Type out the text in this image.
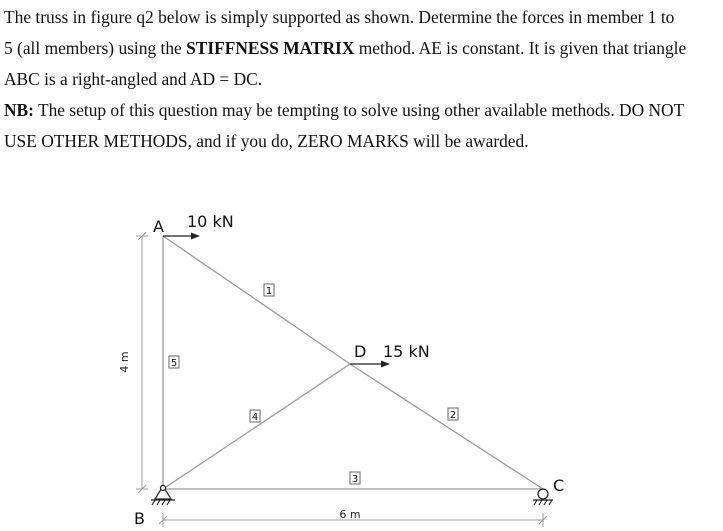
The truss in figure q2 below is simply supported as shown. Determine the forces in member 1 to
5 (all members) using the STIFFNESS MATRIX method. AE is constant. It is given that triangle
ABC is a right-angled and AD = DC.
NB: The setup of this question may be tempting to solve using other available methods. DO NOT
USE OTHER METHODS, and if you do, ZERO MARKS will be awarded.
4 m
6 m
10 kN
15 kN
A
D
B
C
1
2
3
4
5
